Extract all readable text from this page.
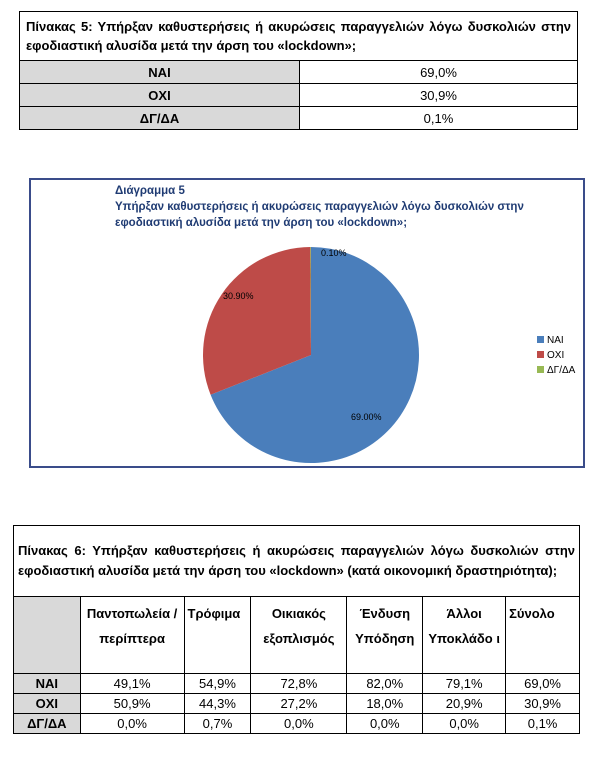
Πίνακας 5: Υπήρξαν καθυστερήσεις ή ακυρώσεις παραγγελιών λόγω δυσκολιών στην εφοδιαστική αλυσίδα μετά την άρση του «lockdown»;	
ΝΑΙ	69,0%
ΟΧΙ	30,9%
ΔΓ/ΔΑ	0,1%
Διάγραμμα 5
Υπήρξαν καθυστερήσεις ή ακυρώσεις παραγγελιών λόγω δυσκολιών στην
εφοδιαστική αλυσίδα μετά την άρση του «lockdown»;
69.00%
30.90%
0.10%
ΝΑΙ
ΟΧΙ
ΔΓ/ΔΑ
Πίνακας 6: Υπήρξαν καθυστερήσεις ή ακυρώσεις παραγγελιών λόγω δυσκολιών στην εφοδιαστική αλυσίδα μετά την άρση του «lockdown» (κατά οικονομική δραστηριότητα);						
	Παντοπωλεία / περίπτερα	Τρόφιμα	Οικιακός εξοπλισμός	Ένδυση Υπόδηση	Άλλοι Υποκλάδο ι	Σύνολο
ΝΑΙ	49,1%	54,9%	72,8%	82,0%	79,1%	69,0%
ΟΧΙ	50,9%	44,3%	27,2%	18,0%	20,9%	30,9%
ΔΓ/ΔΑ	0,0%	0,7%	0,0%	0,0%	0,0%	0,1%
